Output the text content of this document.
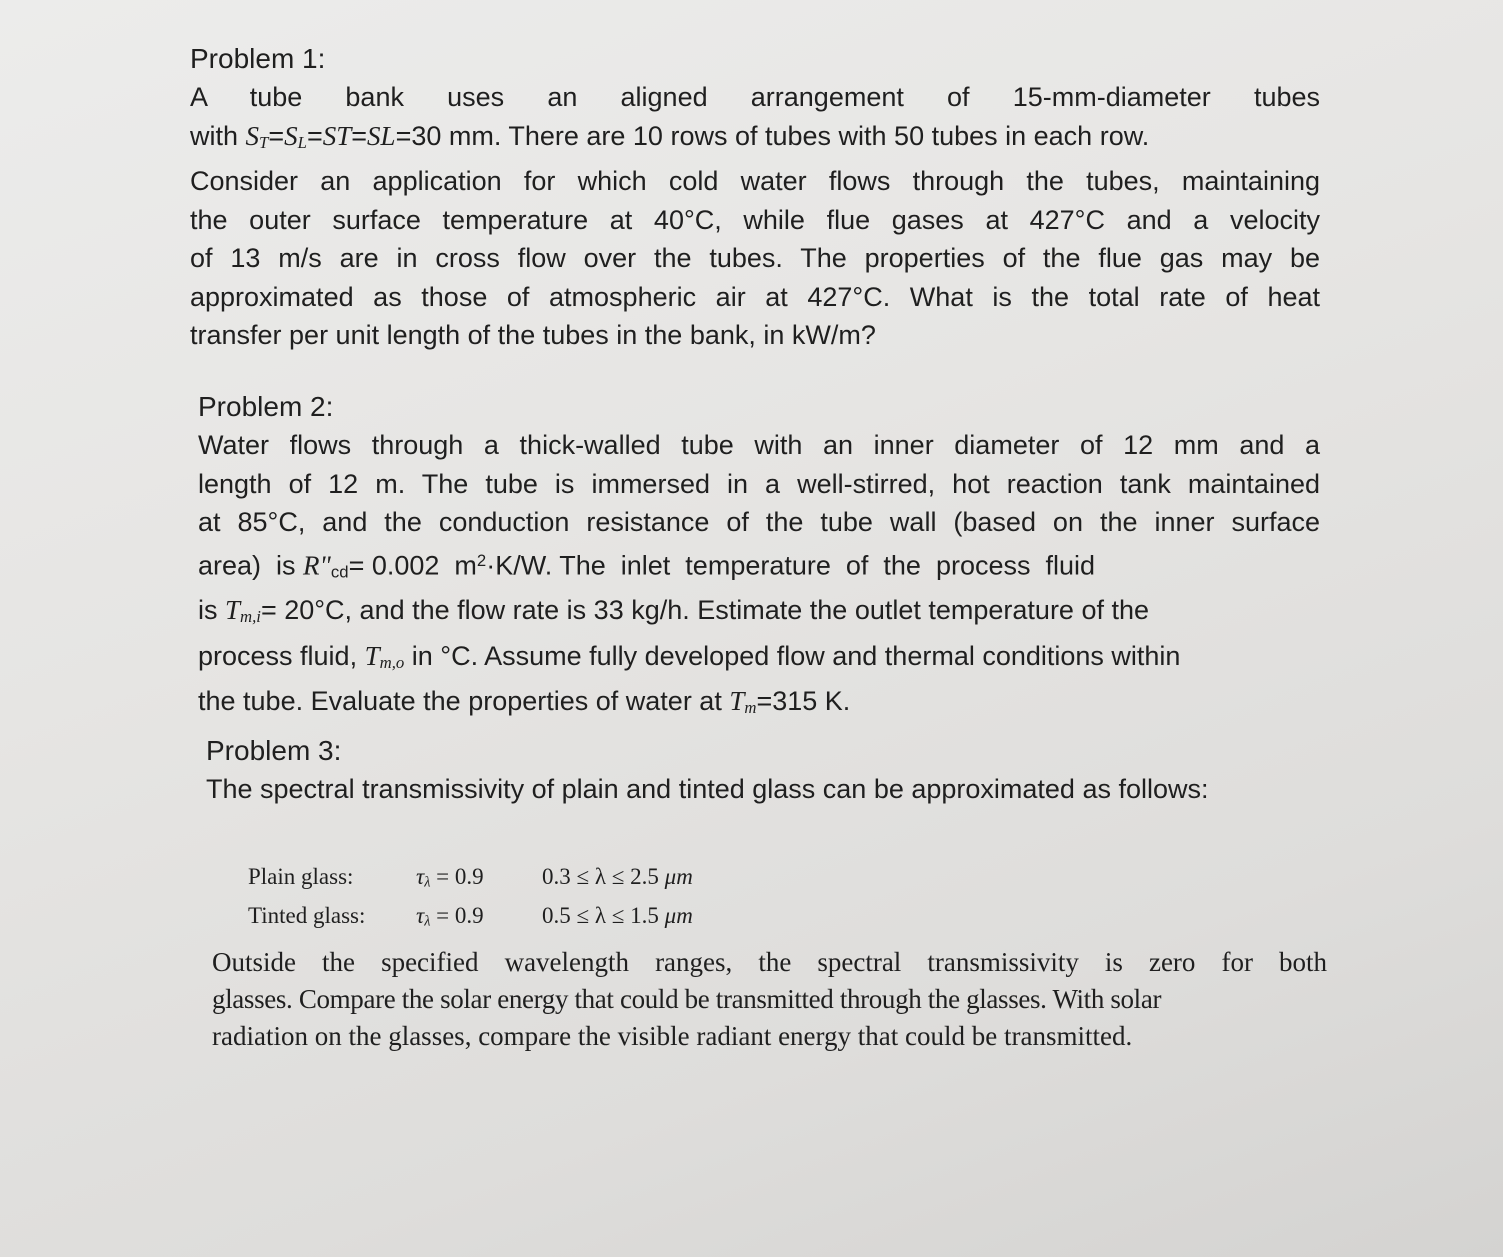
Problem 1:
A tube bank uses an aligned arrangement of 15-mm-diameter tubes
with ST=SL=ST=SL=30 mm. There are 10 rows of tubes with 50 tubes in each row.
Consider an application for which cold water flows through the tubes, maintaining
the outer surface temperature at 40°C, while flue gases at 427°C and a velocity
of 13 m/s are in cross flow over the tubes. The properties of the flue gas may be
approximated as those of atmospheric air at 427°C. What is the total rate of heat
transfer per unit length of the tubes in the bank, in kW/m?
Problem 2:
Water flows through a thick-walled tube with an inner diameter of 12 mm and a
length of 12 m. The tube is immersed in a well-stirred, hot reaction tank maintained
at 85°C, and the conduction resistance of the tube wall (based on the inner surface
area)  is R"cd= 0.002  $m^2\cdot K/W$. The  inlet  temperature  of  the  process  fluid
is Tm,i= 20°C, and the flow rate is 33 kg/h. Estimate the outlet temperature of the
process fluid, Tm,o in °C. Assume fully developed flow and thermal conditions within
the tube. Evaluate the properties of water at Tm=315 K.
Problem 3:
The spectral transmissivity of plain and tinted glass can be approximated as follows:
Plain glass:	τλ = 0.9	0.3 ≤ λ ≤ 2.5 μm
Tinted glass: τλ = 0.9	0.5 ≤ λ ≤ 1.5 μm
Outside the specified wavelength ranges, the spectral transmissivity is zero for both
glasses. Compare the solar energy that could be transmitted through the glasses. With solar
radiation on the glasses, compare the visible radiant energy that could be transmitted.
